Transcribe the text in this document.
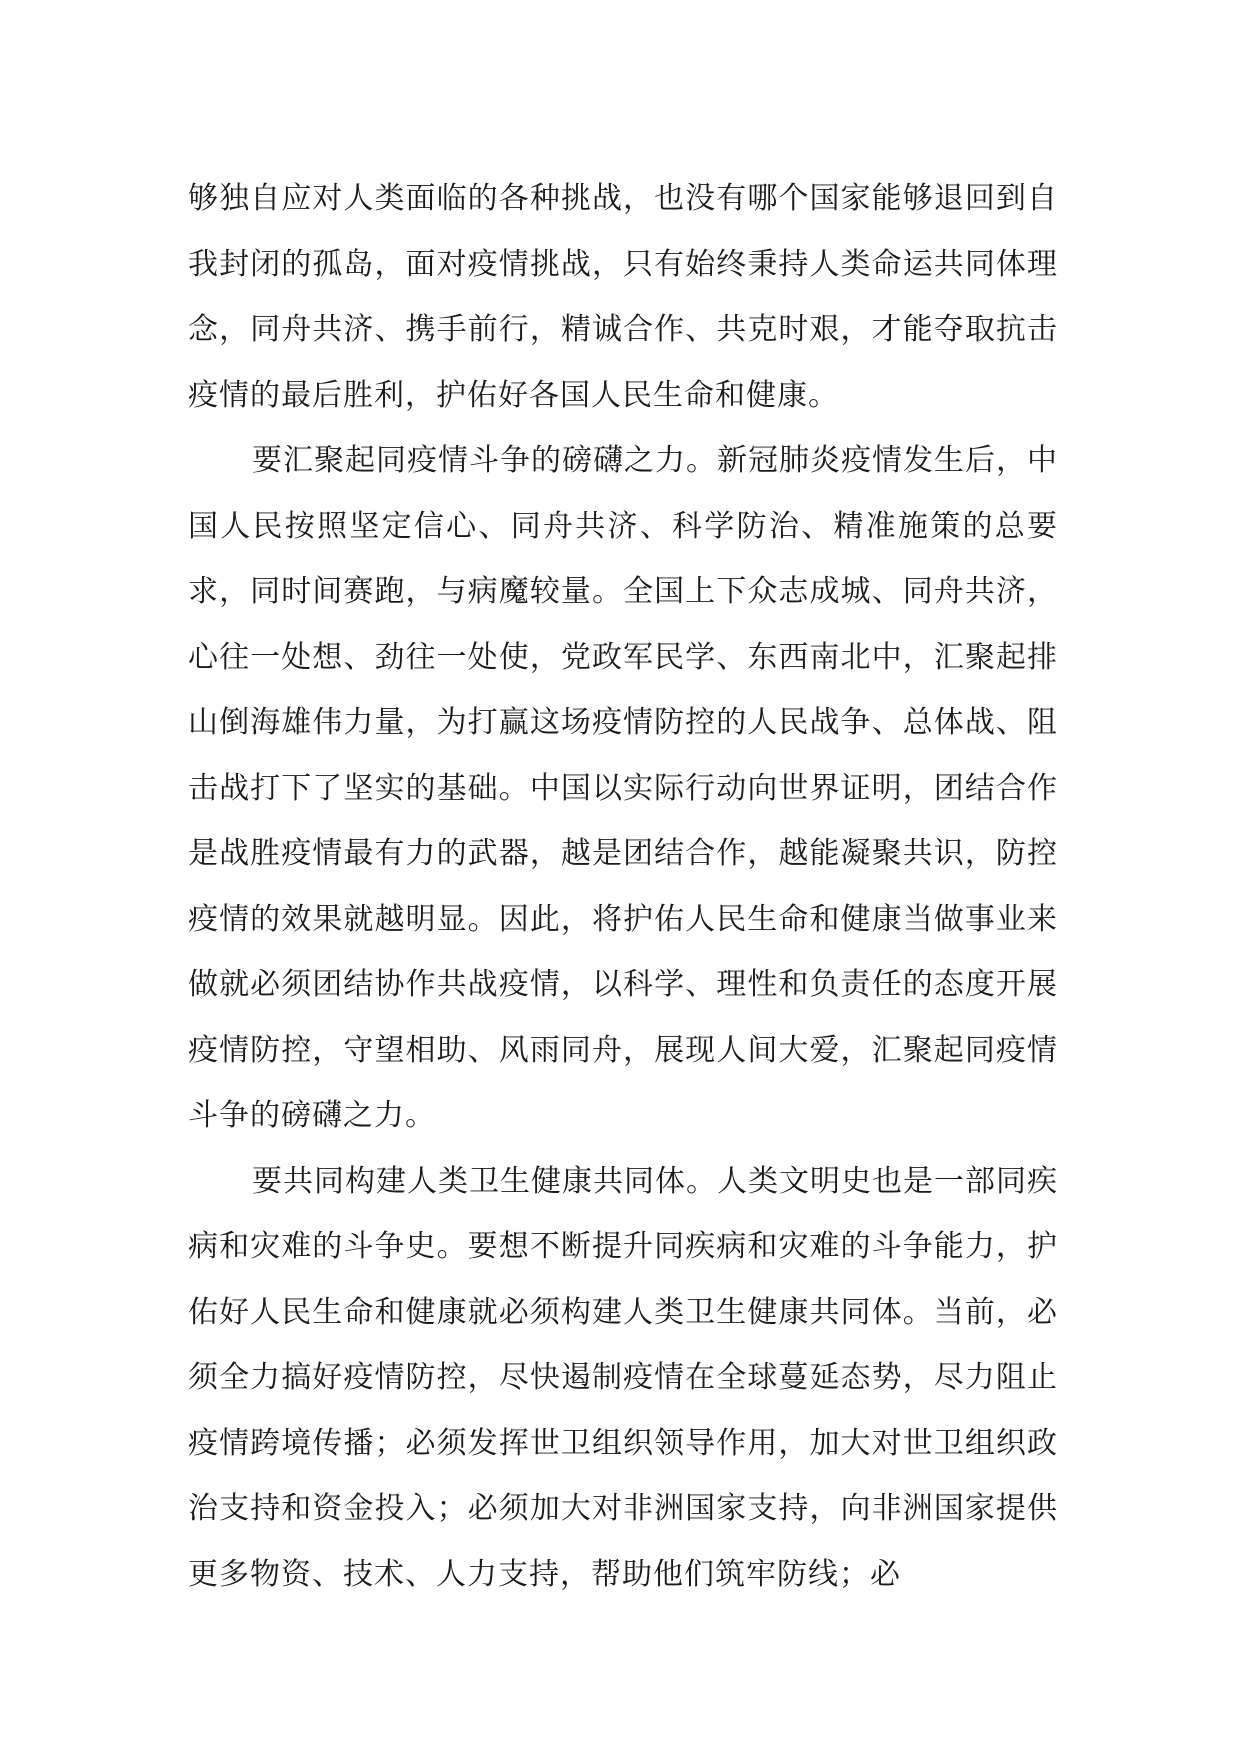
够独自应对人类面临的各种挑战，也没有哪个国家能够退回到自我封闭的孤岛，面对疫情挑战，只有始终秉持人类命运共同体理念，同舟共济、携手前行，精诚合作、共克时艰，才能夺取抗击疫情的最后胜利，护佑好各国人民生命和健康。

要汇聚起同疫情斗争的磅礴之力。新冠肺炎疫情发生后，中国人民按照坚定信心、同舟共济、科学防治、精准施策的总要求，同时间赛跑，与病魔较量。全国上下众志成城、同舟共济，心往一处想、劲往一处使，党政军民学、东西南北中，汇聚起排山倒海雄伟力量，为打赢这场疫情防控的人民战争、总体战、阻击战打下了坚实的基础。中国以实际行动向世界证明，团结合作是战胜疫情最有力的武器，越是团结合作，越能凝聚共识，防控疫情的效果就越明显。因此，将护佑人民生命和健康当做事业来做就必须团结协作共战疫情，以科学、理性和负责任的态度开展疫情防控，守望相助、风雨同舟，展现人间大爱，汇聚起同疫情斗争的磅礴之力。

要共同构建人类卫生健康共同体。人类文明史也是一部同疾病和灾难的斗争史。要想不断提升同疾病和灾难的斗争能力，护佑好人民生命和健康就必须构建人类卫生健康共同体。当前，必须全力搞好疫情防控，尽快遏制疫情在全球蔓延态势，尽力阻止疫情跨境传播；必须发挥世卫组织领导作用，加大对世卫组织政治支持和资金投入；必须加大对非洲国家支持，向非洲国家提供更多物资、技术、人力支持，帮助他们筑牢防线；必
